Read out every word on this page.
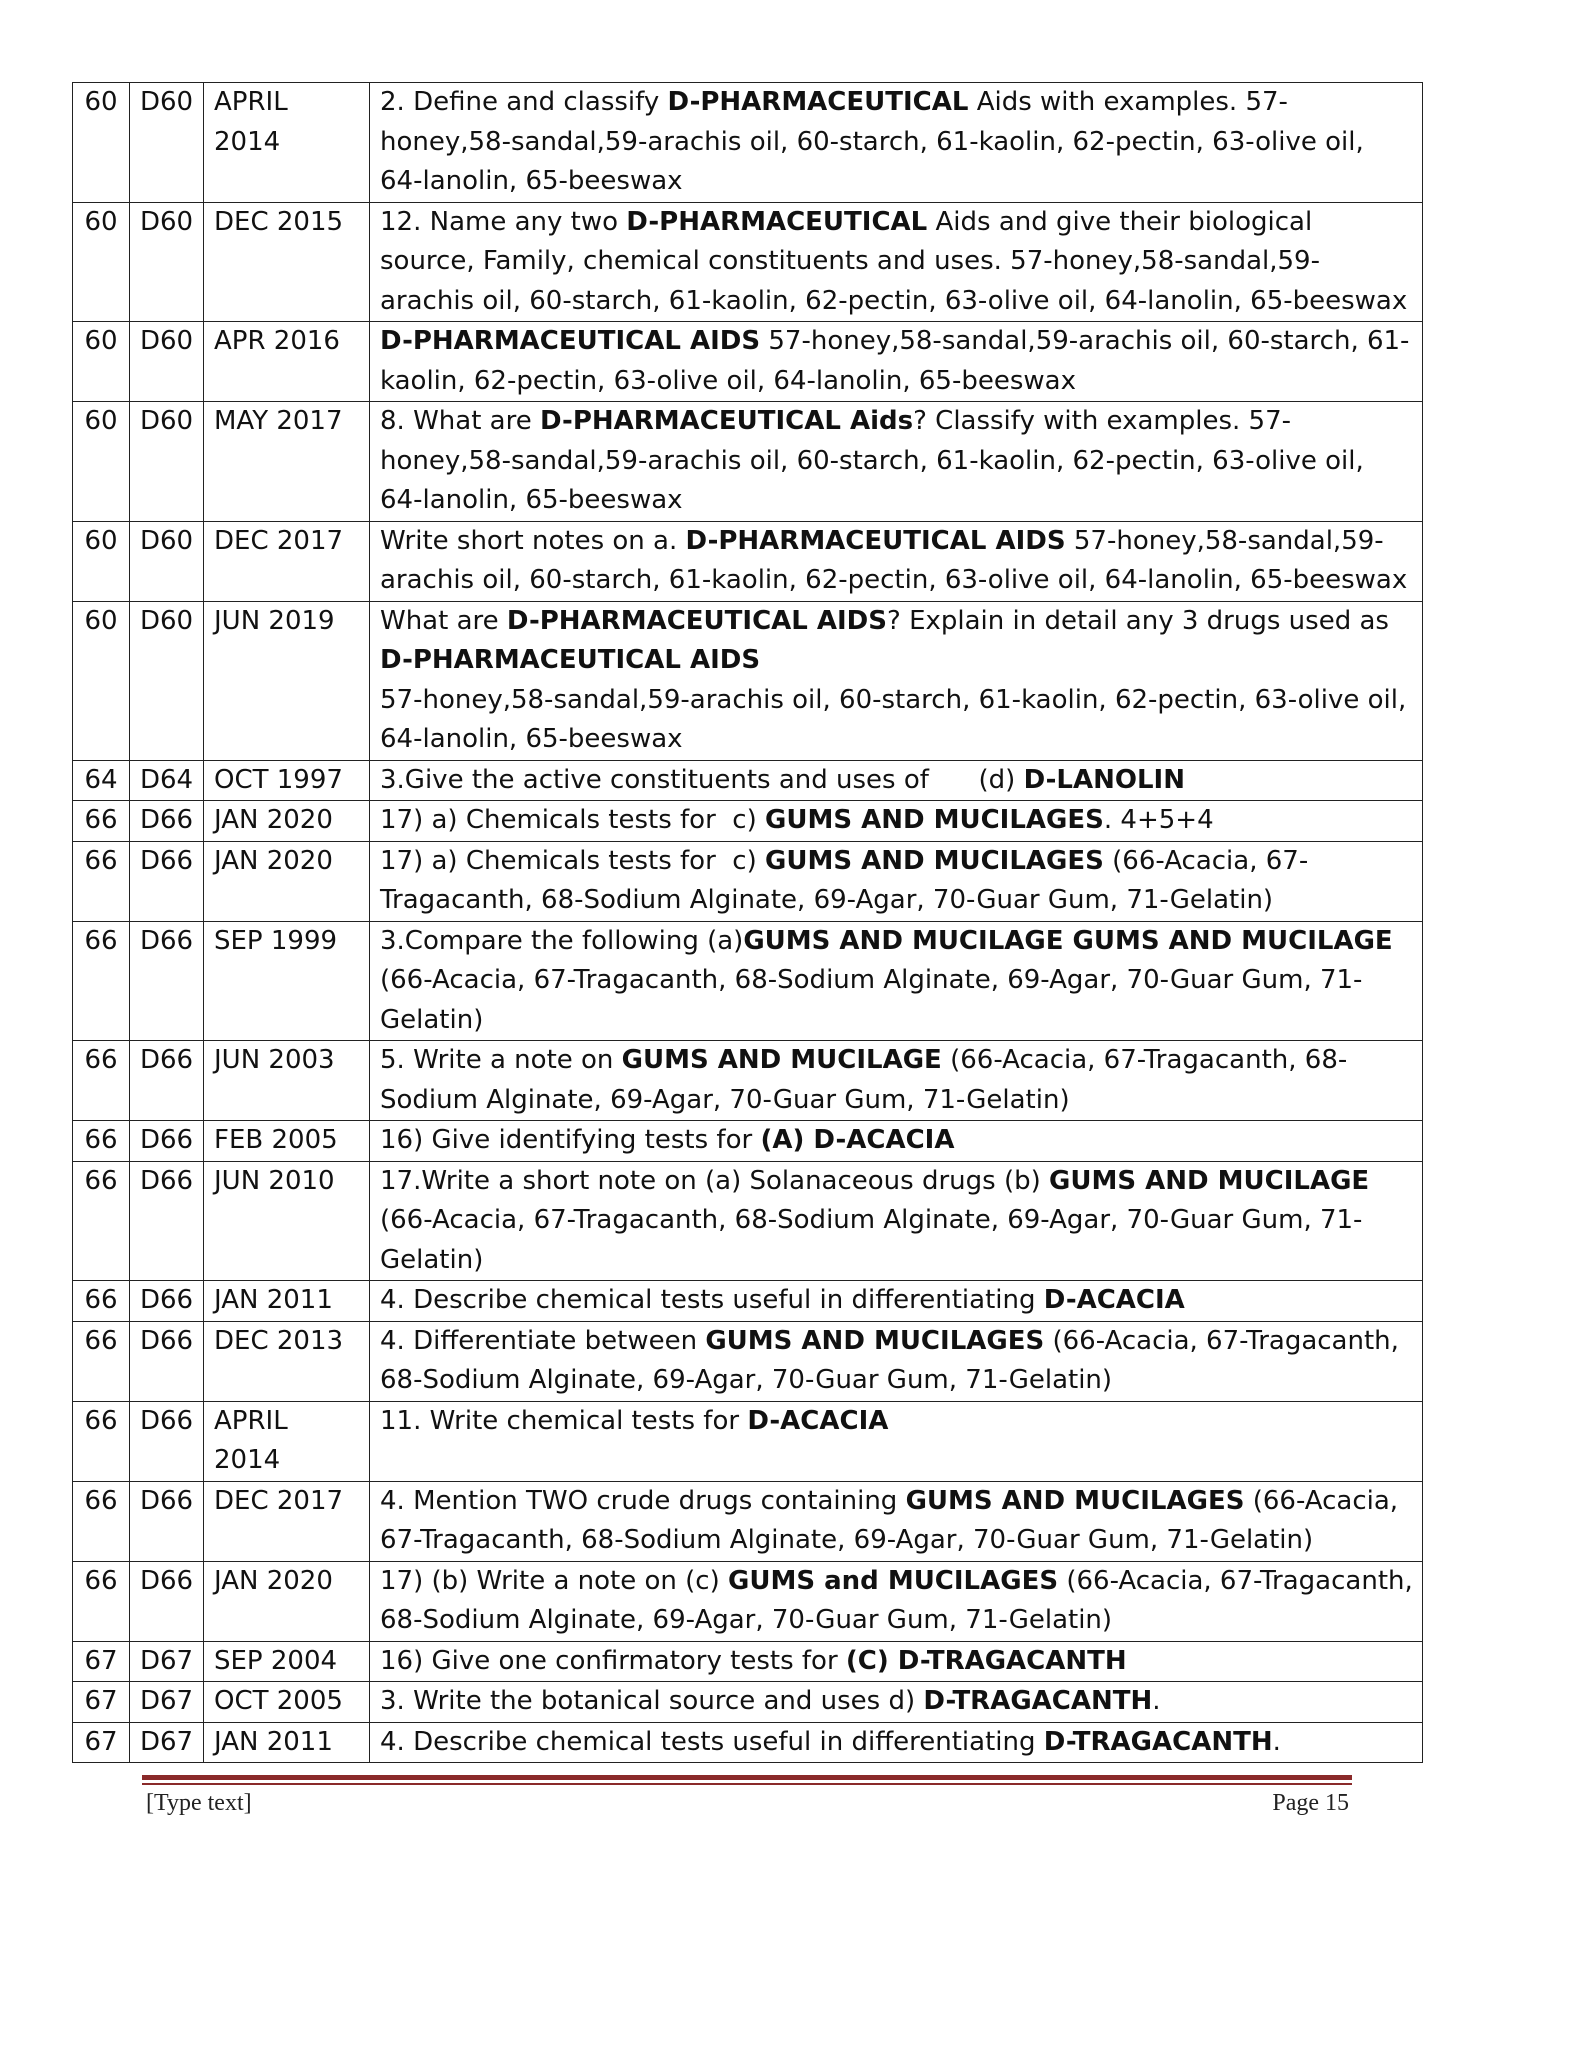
60	D60	APRIL 2014	2. Define and classify D-PHARMACEUTICAL Aids with examples. 57-honey,58-sandal,59-arachis oil, 60-starch, 61-kaolin, 62-pectin, 63-olive oil, 64-lanolin, 65-beeswax
60	D60	DEC 2015	12. Name any two D-PHARMACEUTICAL Aids and give their biological source, Family, chemical constituents and uses. 57-honey,58-sandal,59-arachis oil, 60-starch, 61-kaolin, 62-pectin, 63-olive oil, 64-lanolin, 65-beeswax
60	D60	APR 2016	D-PHARMACEUTICAL AIDS 57-honey,58-sandal,59-arachis oil, 60-starch, 61-kaolin, 62-pectin, 63-olive oil, 64-lanolin, 65-beeswax
60	D60	MAY 2017	8. What are D-PHARMACEUTICAL Aids? Classify with examples. 57-honey,58-sandal,59-arachis oil, 60-starch, 61-kaolin, 62-pectin, 63-olive oil, 64-lanolin, 65-beeswax
60	D60	DEC 2017	Write short notes on a. D-PHARMACEUTICAL AIDS 57-honey,58-sandal,59-arachis oil, 60-starch, 61-kaolin, 62-pectin, 63-olive oil, 64-lanolin, 65-beeswax
60	D60	JUN 2019	What are D-PHARMACEUTICAL AIDS? Explain in detail any 3 drugs used as D-PHARMACEUTICAL AIDS
57-honey,58-sandal,59-arachis oil, 60-starch, 61-kaolin, 62-pectin, 63-olive oil, 64-lanolin, 65-beeswax
64	D64	OCT 1997	3.Give the active constituents and uses of      (d) D-LANOLIN
66	D66	JAN 2020	17) a) Chemicals tests for  c) GUMS AND MUCILAGES. 4+5+4
66	D66	JAN 2020	17) a) Chemicals tests for  c) GUMS AND MUCILAGES (66-Acacia, 67-Tragacanth, 68-Sodium Alginate, 69-Agar, 70-Guar Gum, 71-Gelatin)
66	D66	SEP 1999	3.Compare the following (a)GUMS AND MUCILAGE GUMS AND MUCILAGE (66-Acacia, 67-Tragacanth, 68-Sodium Alginate, 69-Agar, 70-Guar Gum, 71-Gelatin)
66	D66	JUN 2003	5. Write a note on GUMS AND MUCILAGE (66-Acacia, 67-Tragacanth, 68-Sodium Alginate, 69-Agar, 70-Guar Gum, 71-Gelatin)
66	D66	FEB 2005	16) Give identifying tests for (A) D-ACACIA
66	D66	JUN 2010	17.Write a short note on (a) Solanaceous drugs (b) GUMS AND MUCILAGE (66-Acacia, 67-Tragacanth, 68-Sodium Alginate, 69-Agar, 70-Guar Gum, 71-Gelatin)
66	D66	JAN 2011	4. Describe chemical tests useful in differentiating D-ACACIA
66	D66	DEC 2013	4. Differentiate between GUMS AND MUCILAGES (66-Acacia, 67-Tragacanth, 68-Sodium Alginate, 69-Agar, 70-Guar Gum, 71-Gelatin)
66	D66	APRIL 2014	11. Write chemical tests for D-ACACIA
66	D66	DEC 2017	4. Mention TWO crude drugs containing GUMS AND MUCILAGES (66-Acacia, 67-Tragacanth, 68-Sodium Alginate, 69-Agar, 70-Guar Gum, 71-Gelatin)
66	D66	JAN 2020	17) (b) Write a note on (c) GUMS and MUCILAGES (66-Acacia, 67-Tragacanth, 68-Sodium Alginate, 69-Agar, 70-Guar Gum, 71-Gelatin)
67	D67	SEP 2004	16) Give one confirmatory tests for (C) D-TRAGACANTH
67	D67	OCT 2005	3. Write the botanical source and uses d) D-TRAGACANTH.
67	D67	JAN 2011	4. Describe chemical tests useful in differentiating D-TRAGACANTH.
[Type text]	Page 15
